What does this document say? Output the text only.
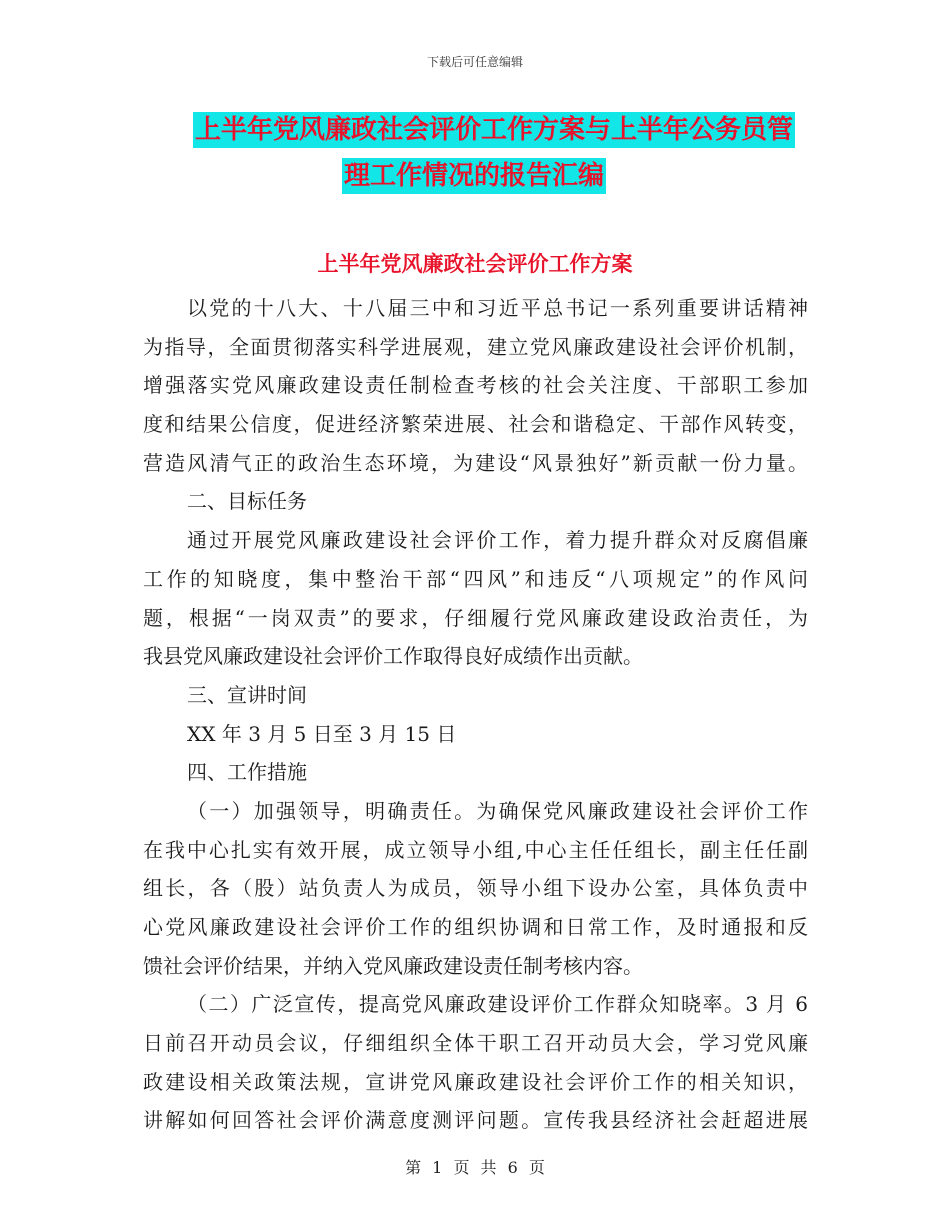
下载后可任意编辑
上半年党风廉政社会评价工作方案与上半年公务员管
理工作情况的报告汇编
上半年党风廉政社会评价工作方案
以党的十八大、十八届三中和习近平总书记一系列重要讲话精神
为指导，全面贯彻落实科学进展观，建立党风廉政建设社会评价机制，
增强落实党风廉政建设责任制检查考核的社会关注度、干部职工参加
度和结果公信度，促进经济繁荣进展、社会和谐稳定、干部作风转变，
营造风清气正的政治生态环境，为建设“风景独好”新贡献一份力量。
二、目标任务
通过开展党风廉政建设社会评价工作，着力提升群众对反腐倡廉
工作的知晓度，集中整治干部“四风”和违反“八项规定”的作风问
题，根据“一岗双责”的要求，仔细履行党风廉政建设政治责任，为
我县党风廉政建设社会评价工作取得良好成绩作出贡献。
三、宣讲时间
XX 年 3 月 5 日至 3 月 15 日
四、工作措施
（一）加强领导，明确责任。为确保党风廉政建设社会评价工作
在我中心扎实有效开展，成立领导小组,中心主任任组长，副主任任副
组长，各（股）站负责人为成员，领导小组下设办公室，具体负责中
心党风廉政建设社会评价工作的组织协调和日常工作，及时通报和反
馈社会评价结果，并纳入党风廉政建设责任制考核内容。
（二）广泛宣传，提高党风廉政建设评价工作群众知晓率。3 月 6
日前召开动员会议，仔细组织全体干职工召开动员大会，学习党风廉
政建设相关政策法规，宣讲党风廉政建设社会评价工作的相关知识，
讲解如何回答社会评价满意度测评问题。宣传我县经济社会赶超进展
第 1 页 共 6 页
